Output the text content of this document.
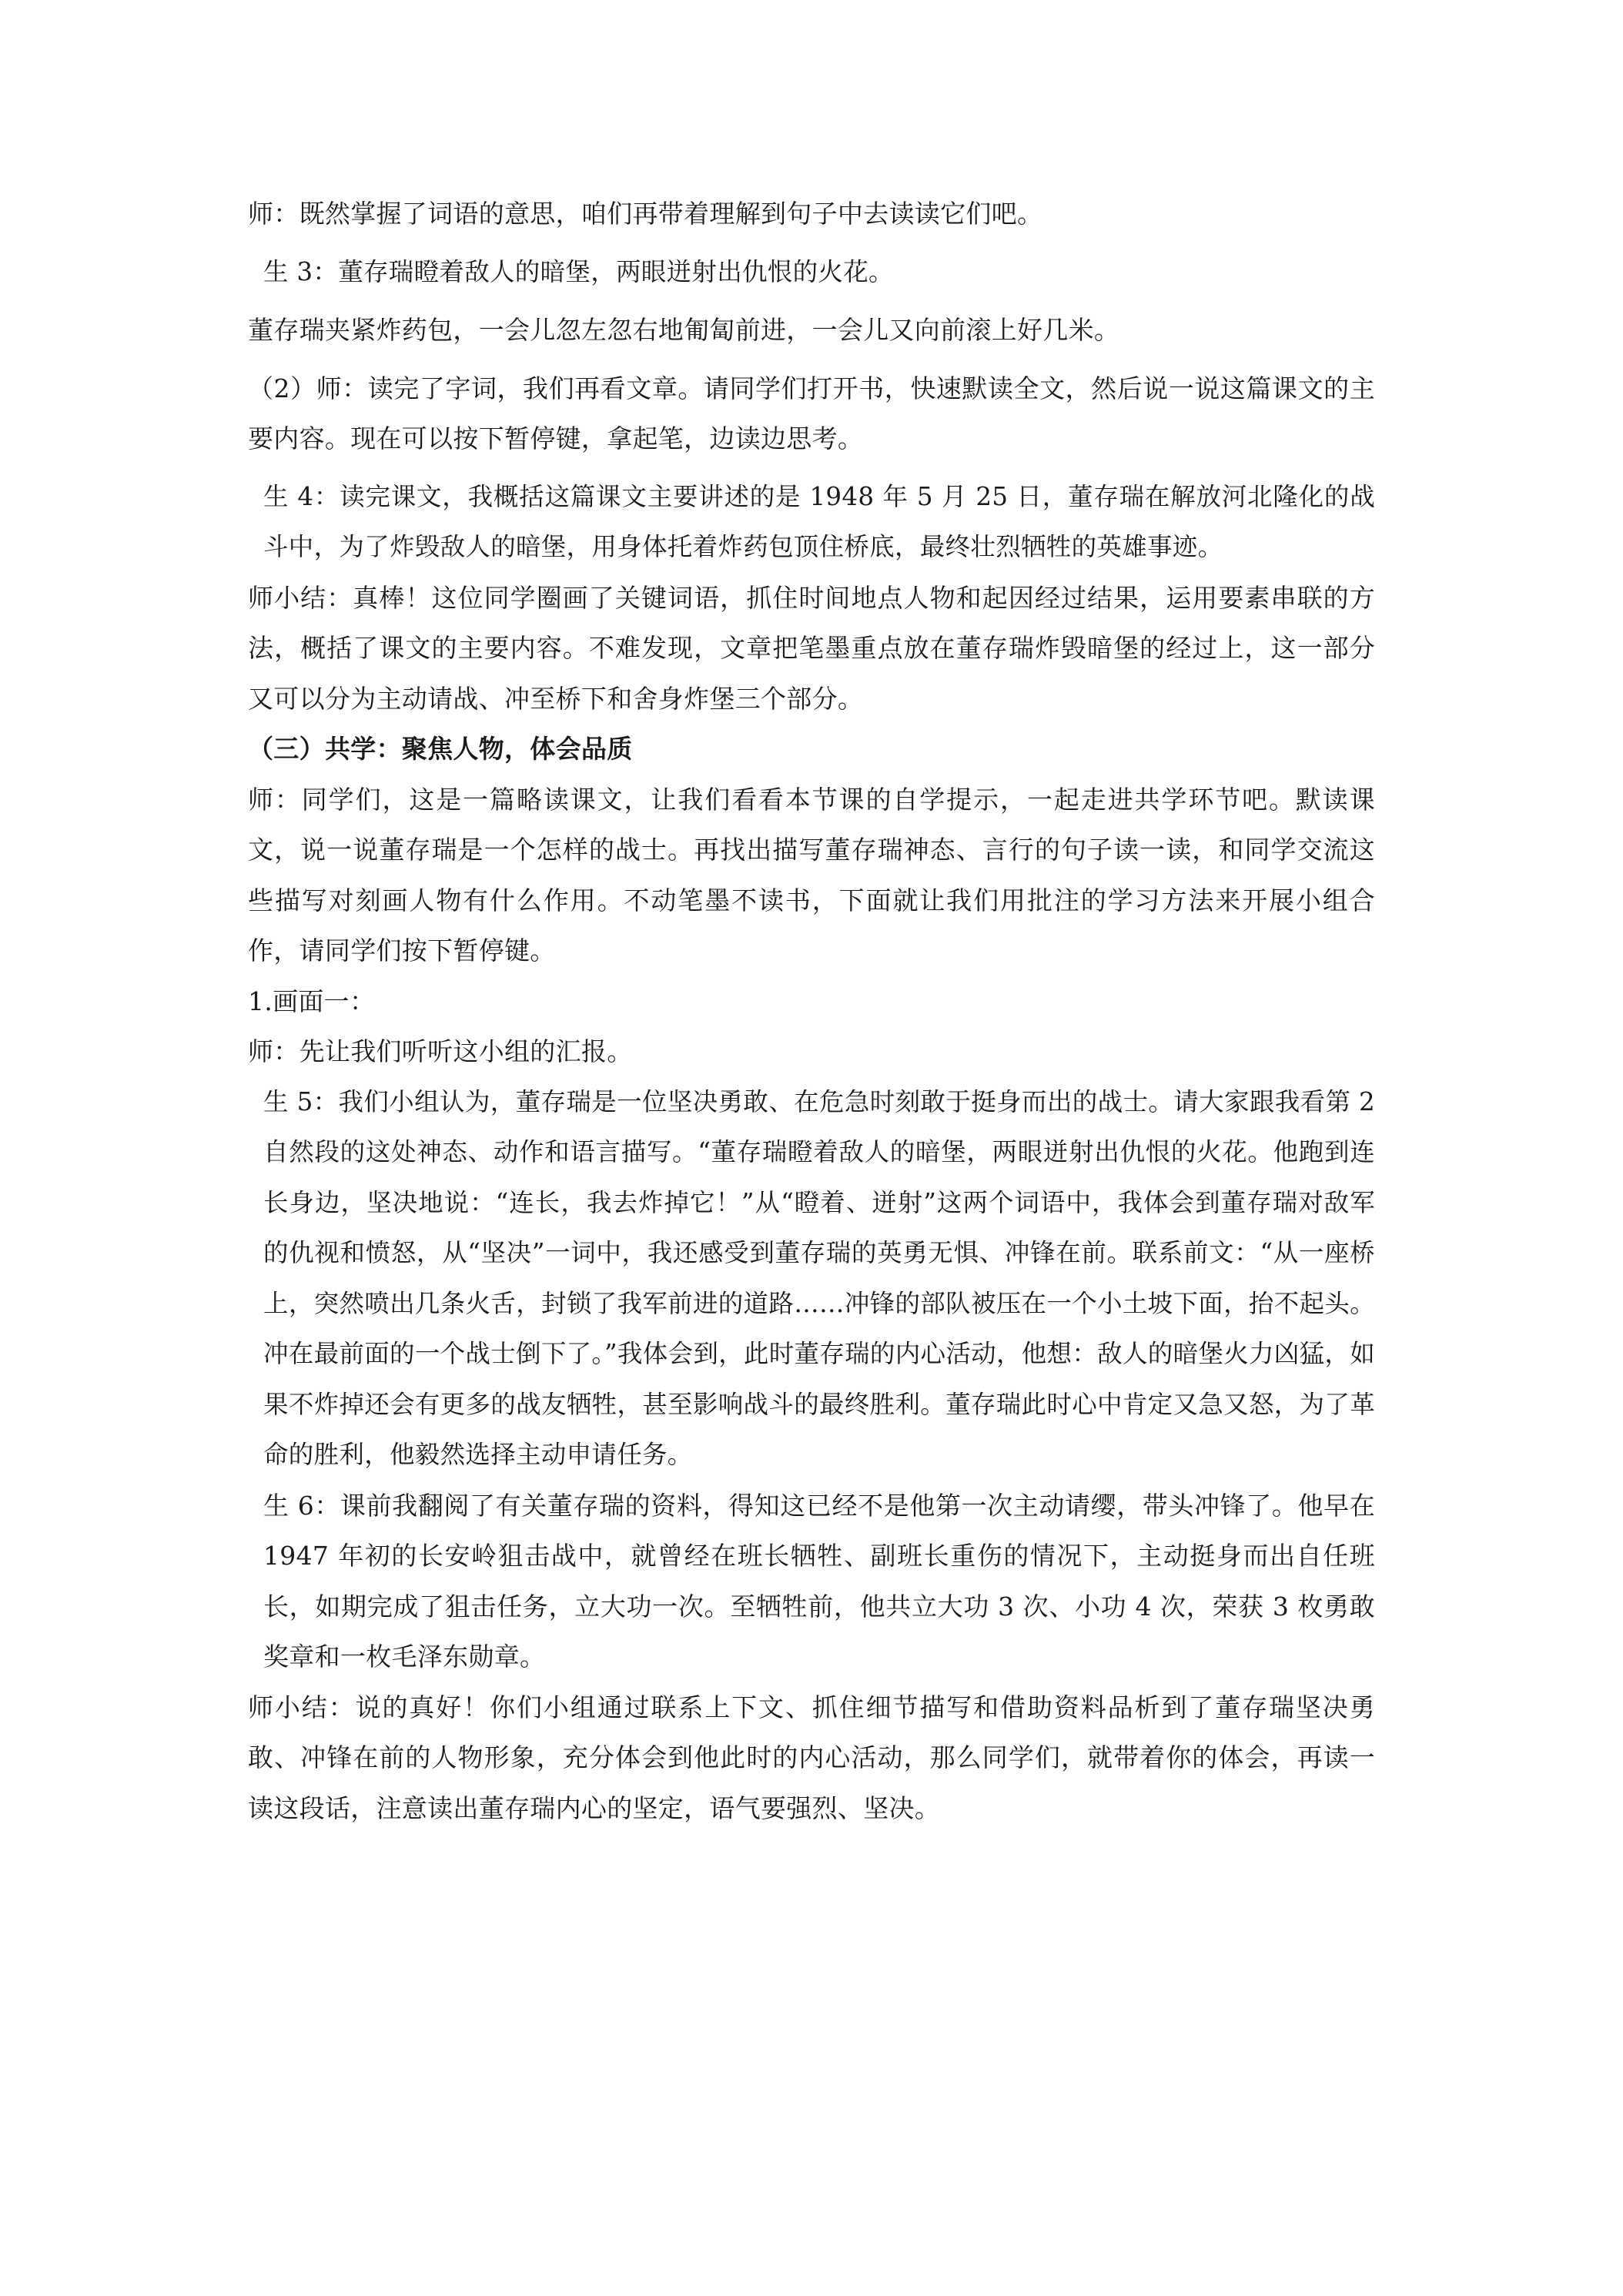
师：既然掌握了词语的意思，咱们再带着理解到句子中去读读它们吧。

生 3：董存瑞瞪着敌人的暗堡，两眼迸射出仇恨的火花。

董存瑞夹紧炸药包，一会儿忽左忽右地匍匐前进，一会儿又向前滚上好几米。

（2）师：读完了字词，我们再看文章。请同学们打开书，快速默读全文，然后说一说这篇课文的主要内容。现在可以按下暂停键，拿起笔，边读边思考。

生 4：读完课文，我概括这篇课文主要讲述的是 1948 年 5 月 25 日，董存瑞在解放河北隆化的战斗中，为了炸毁敌人的暗堡，用身体托着炸药包顶住桥底，最终壮烈牺牲的英雄事迹。

师小结：真棒！这位同学圈画了关键词语，抓住时间地点人物和起因经过结果，运用要素串联的方法，概括了课文的主要内容。不难发现，文章把笔墨重点放在董存瑞炸毁暗堡的经过上，这一部分又可以分为主动请战、冲至桥下和舍身炸堡三个部分。

（三）共学：聚焦人物，体会品质

师：同学们，这是一篇略读课文，让我们看看本节课的自学提示，一起走进共学环节吧。默读课文，说一说董存瑞是一个怎样的战士。再找出描写董存瑞神态、言行的句子读一读，和同学交流这些描写对刻画人物有什么作用。不动笔墨不读书，下面就让我们用批注的学习方法来开展小组合作，请同学们按下暂停键。

1.画面一：

师：先让我们听听这小组的汇报。

生 5：我们小组认为，董存瑞是一位坚决勇敢、在危急时刻敢于挺身而出的战士。请大家跟我看第 2 自然段的这处神态、动作和语言描写。“董存瑞瞪着敌人的暗堡，两眼迸射出仇恨的火花。他跑到连长身边，坚决地说：“连长，我去炸掉它！”从“瞪着、迸射”这两个词语中，我体会到董存瑞对敌军的仇视和愤怒，从“坚决”一词中，我还感受到董存瑞的英勇无惧、冲锋在前。联系前文：“从一座桥上，突然喷出几条火舌，封锁了我军前进的道路……冲锋的部队被压在一个小土坡下面，抬不起头。冲在最前面的一个战士倒下了。”我体会到，此时董存瑞的内心活动，他想：敌人的暗堡火力凶猛，如果不炸掉还会有更多的战友牺牲，甚至影响战斗的最终胜利。董存瑞此时心中肯定又急又怒，为了革命的胜利，他毅然选择主动申请任务。

生 6：课前我翻阅了有关董存瑞的资料，得知这已经不是他第一次主动请缨，带头冲锋了。他早在 1947 年初的长安岭狙击战中，就曾经在班长牺牲、副班长重伤的情况下，主动挺身而出自任班长，如期完成了狙击任务，立大功一次。至牺牲前，他共立大功 3 次、小功 4 次，荣获 3 枚勇敢奖章和一枚毛泽东勋章。

师小结：说的真好！你们小组通过联系上下文、抓住细节描写和借助资料品析到了董存瑞坚决勇敢、冲锋在前的人物形象，充分体会到他此时的内心活动，那么同学们，就带着你的体会，再读一读这段话，注意读出董存瑞内心的坚定，语气要强烈、坚决。
